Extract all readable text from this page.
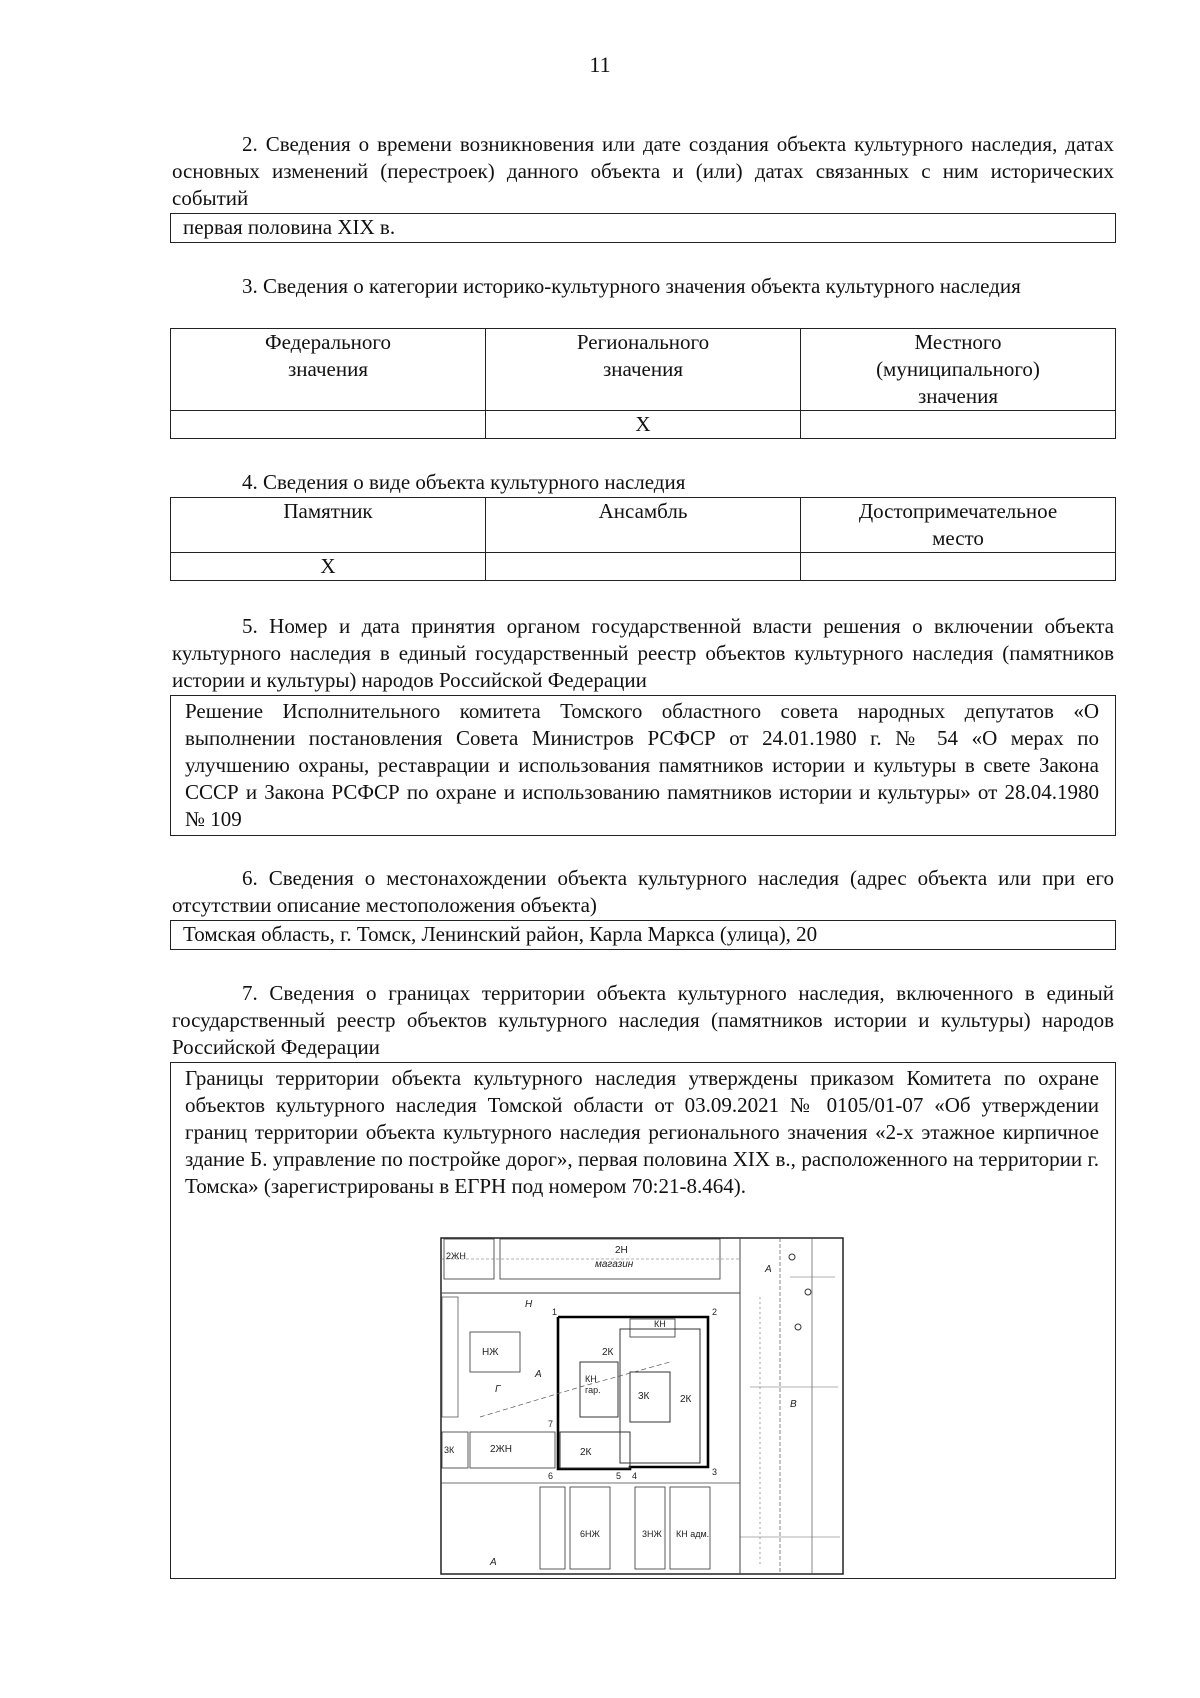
11

2. Сведения о времени возникновения или дате создания объекта культурного наследия, датах основных изменений (перестроек) данного объекта и (или) датах связанных с ним исторических событий

первая половина XIX в.

3. Сведения о категории историко-культурного значения объекта культурного наследия

Федерального значения	Регионального значения	Местного (муниципального) значения

	X	

4. Сведения о виде объекта культурного наследия

Памятник	Ансамбль	Достопримечательное место

X		

5. Номер и дата принятия органом государственной власти решения о включении объекта культурного наследия в единый государственный реестр объектов культурного наследия (памятников истории и культуры) народов Российской Федерации

Решение Исполнительного комитета Томского областного совета народных депутатов «О выполнении постановления Совета Министров РСФСР от 24.01.1980 г. № 54 «О мерах по улучшению охраны, реставрации и использования памятников истории и культуры в свете Закона СССР и Закона РСФСР по охране и использованию памятников истории и культуры» от 28.04.1980 № 109

6. Сведения о местонахождении объекта культурного наследия (адрес объекта или при его отсутствии описание местоположения объекта)

Томская область, г. Томск, Ленинский район, Карла Маркса (улица), 20

7. Сведения о границах территории объекта культурного наследия, включенного в единый государственный реестр объектов культурного наследия (памятников истории и культуры) народов Российской Федерации

Границы территории объекта культурного наследия утверждены приказом Комитета по охране объектов культурного наследия Томской области от 03.09.2021 № 0105/01-07 «Об утверждении границ территории объекта культурного наследия регионального значения «2-х этажное кирпичное здание Б. управление по постройке дорог», первая половина XIX в., расположенного на территории г. Томска» (зарегистрированы в ЕГРН под номером 70:21-8.464).
2Н
магазин
2ЖН
КН
2К
2К
КН
гар.
3К
2К
2ЖН
НЖ
3К
6НЖ	3НЖ КН адм.
А
А
А
Г
В
Н
1	2
3
4
5
6
7
